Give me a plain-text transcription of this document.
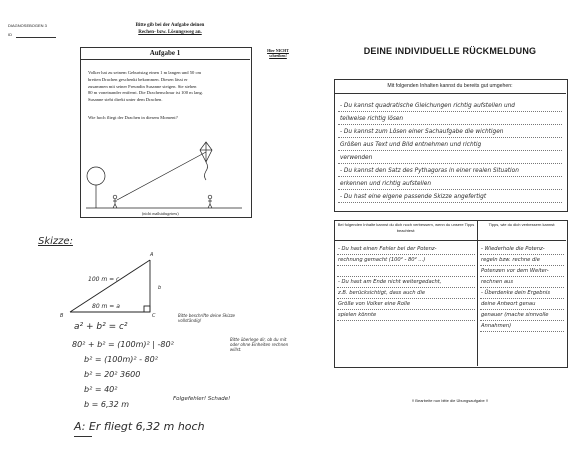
DIAGNOSEBOGEN 3
ID
Bitte gib bei der Aufgabe deinen
Rechen- bzw. Lösungsweg an.
Aufgabe 1	Hier NICHT schreiben!
Volker hat zu seinem Geburtstag einen 1 m langen und 50 cm
breiten Drachen geschenkt bekommen. Diesen lässt er
zusammen mit seiner Freundin Susanne steigen. Sie stehen
80 m voneinander entfernt. Die Drachenschnur ist 100 m lang.
Susanne steht direkt unter dem Drachen.
Wie hoch fliegt der Drachen in diesem Moment?
(nicht maßstabsgetreu)
Skizze:
A
B	C
b
100 m = c
80 m = a
Bitte beschrifte deine Skizze vollständig!
a² + b² = c²
80² + b² = (100m)² | -80²
b² = (100m)² - 80²
b² = 20² 3600
b² = 40²
b = 6,32 m
Bitte überlege dir, ob du mit oder ohne Einheiten rechnen willst.
Folgefehler! Schade!
A: Er fliegt 6,32 m hoch
DEINE INDIVIDUELLE RÜCKMELDUNG
Mit folgenden Inhalten kannst du bereits gut umgehen:
- Du kannst quadratische Gleichungen richtig aufstellen und
teilweise richtig lösen
- Du kannst zum Lösen einer Sachaufgabe die wichtigen
Größen aus Text und Bild entnehmen und richtig
verwenden
- Du kannst den Satz des Pythagoras in einer realen Situation
erkennen und richtig aufstellen
- Du hast eine eigene passende Skizze angefertigt
Bei folgenden Inhalte kannst du dich noch verbessern, wenn du unsere Tipps beachtest:
Tipps, wie du dich verbessern kannst:
- Du hast einen Fehler bei der Potenz-
rechnung gemacht (100² - 80² ...)

- Du hast am Ende nicht weitergedacht,
z.B. berücksichtigt, dass auch die
Größe von Volker eine Rolle
spielen könnte
- Wiederhole die Potenz-
regeln bzw. rechne die
Potenzen vor dem Weiter-
rechnen aus
- Überdenke dein Ergebnis
deine Antwort genau
genauer (mache sinnvolle
Annahmen)
!! Bearbeite nun bitte die Übungsaufgabe !!
